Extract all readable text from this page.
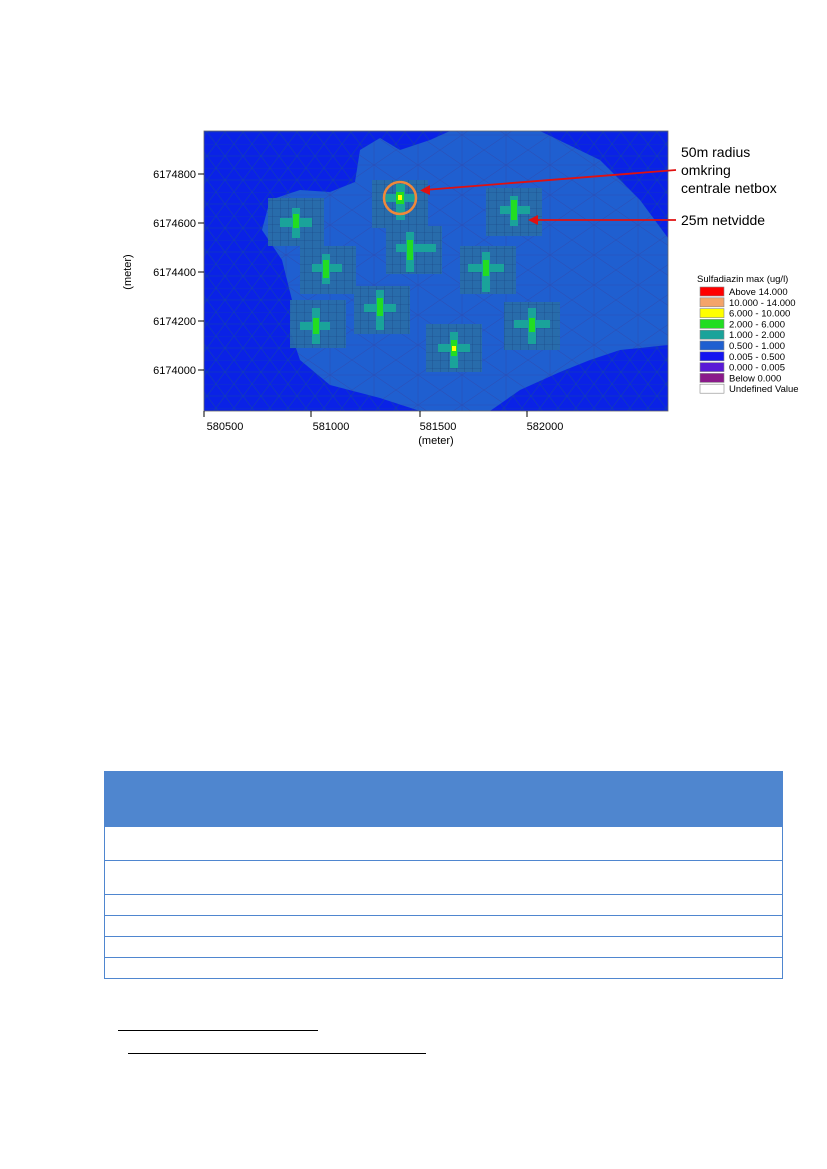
6174800
6174600
6174400
6174200
6174000
(meter)
580500	581000	581500	582000
(meter)
50m radius
omkring
centrale netbox
25m netvidde
Sulfadiazin max (ug/l)
Above 14.000
10.000 - 14.000
6.000 - 10.000
2.000 - 6.000
1.000 - 2.000
0.500 - 1.000
0.005 - 0.500
0.000 - 0.005
Below 0.000
Undefined Value
